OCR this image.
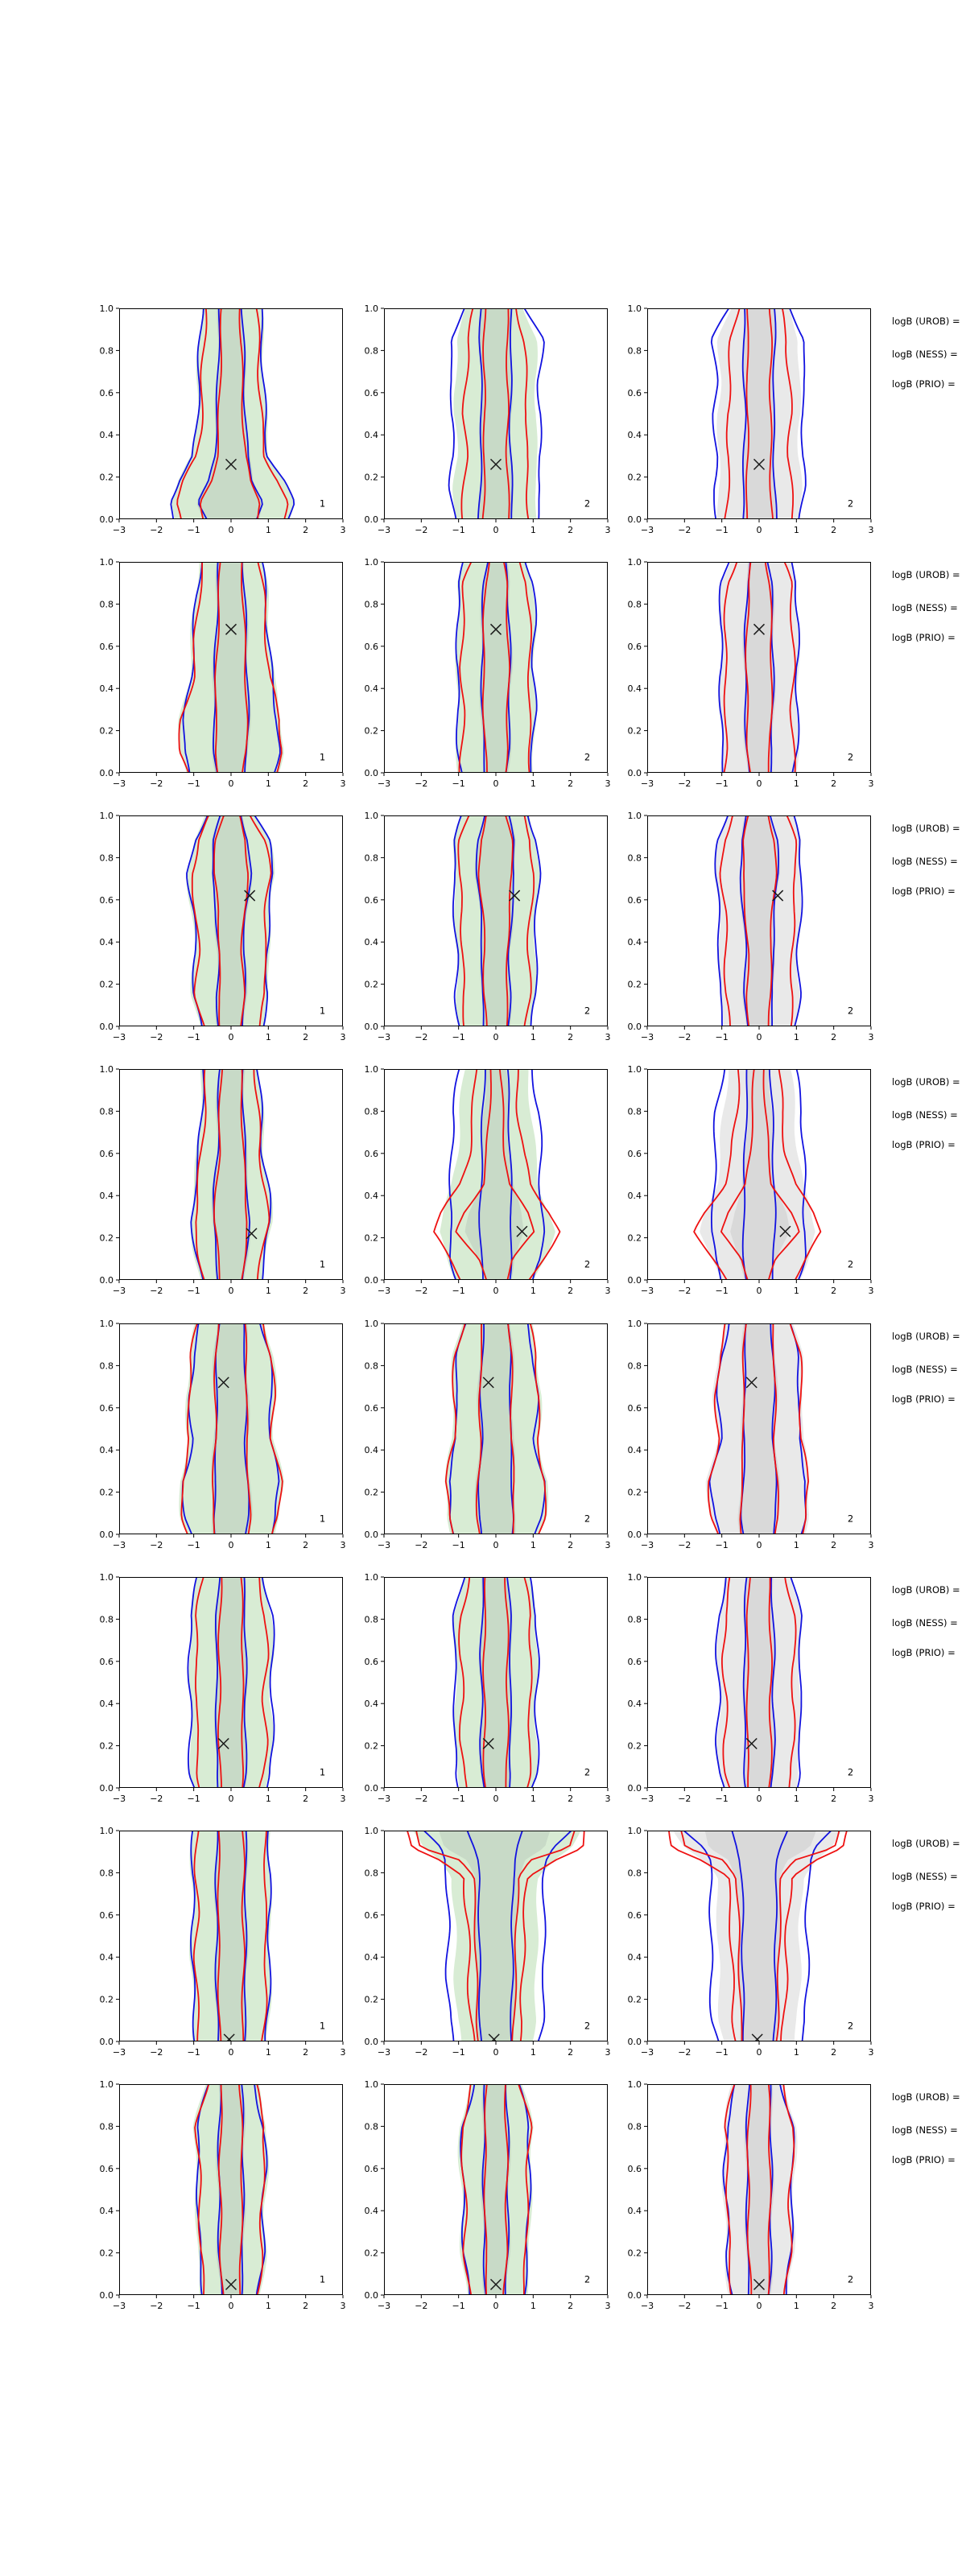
1
−3	−2	−1	0	1	2	3
0.0
0.2
0.4
0.6
0.8
1.0
2
−3	−2	−1	0	1	2	3
0.0
0.2
0.4
0.6
0.8
1.0
2
−3	−2	−1	0	1	2	3
0.0
0.2
0.4
0.6
0.8
1.0
1
−3	−2	−1	0	1	2	3
0.0
0.2
0.4
0.6
0.8
1.0
2
−3	−2	−1	0	1	2	3
0.0
0.2
0.4
0.6
0.8
1.0
2
−3	−2	−1	0	1	2	3
0.0
0.2
0.4
0.6
0.8
1.0
1
−3	−2	−1	0	1	2	3
0.0
0.2
0.4
0.6
0.8
1.0
2
−3	−2	−1	0	1	2	3
0.0
0.2
0.4
0.6
0.8
1.0
2
−3	−2	−1	0	1	2	3
0.0
0.2
0.4
0.6
0.8
1.0
1
−3	−2	−1	0	1	2	3
0.0
0.2
0.4
0.6
0.8
1.0
2
−3	−2	−1	0	1	2	3
0.0
0.2
0.4
0.6
0.8
1.0
2
−3	−2	−1	0	1	2	3
0.0
0.2
0.4
0.6
0.8
1.0
1
−3	−2	−1	0	1	2	3
0.0
0.2
0.4
0.6
0.8
1.0
2
−3	−2	−1	0	1	2	3
0.0
0.2
0.4
0.6
0.8
1.0
2
−3	−2	−1	0	1	2	3
0.0
0.2
0.4
0.6
0.8
1.0
1
−3	−2	−1	0	1	2	3
0.0
0.2
0.4
0.6
0.8
1.0
2
−3	−2	−1	0	1	2	3
0.0
0.2
0.4
0.6
0.8
1.0
2
−3	−2	−1	0	1	2	3
0.0
0.2
0.4
0.6
0.8
1.0
1
−3	−2	−1	0	1	2	3
0.0
0.2
0.4
0.6
0.8
1.0
2
−3	−2	−1	0	1	2	3
0.0
0.2
0.4
0.6
0.8
1.0
2
−3	−2	−1	0	1	2	3
0.0
0.2
0.4
0.6
0.8
1.0
1
−3	−2	−1	0	1	2	3
0.0
0.2
0.4
0.6
0.8
1.0
2
−3	−2	−1	0	1	2	3
0.0
0.2
0.4
0.6
0.8
1.0
2
−3	−2	−1	0	1	2	3
0.0
0.2
0.4
0.6
0.8
1.0
logB (UROB) =
logB (NESS) =
logB (PRIO) =
logB (UROB) =
logB (NESS) =
logB (PRIO) =
logB (UROB) =
logB (NESS) =
logB (PRIO) =
logB (UROB) =
logB (NESS) =
logB (PRIO) =
logB (UROB) =
logB (NESS) =
logB (PRIO) =
logB (UROB) =
logB (NESS) =
logB (PRIO) =
logB (UROB) =
logB (NESS) =
logB (PRIO) =
logB (UROB) =
logB (NESS) =
logB (PRIO) =
